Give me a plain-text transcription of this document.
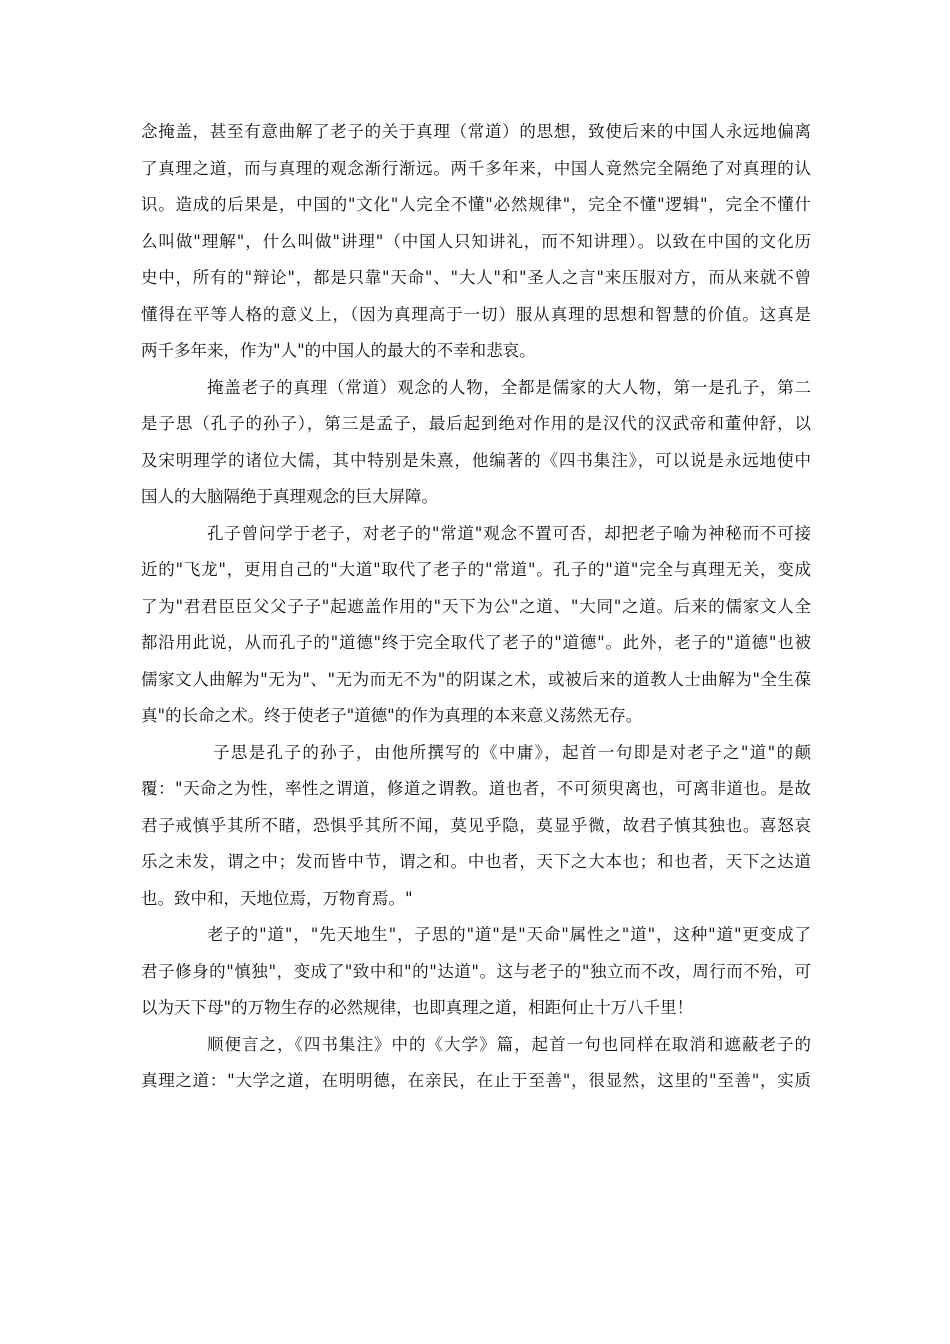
念掩盖，甚至有意曲解了老子的关于真理（常道）的思想，致使后来的中国人永远地偏离
了真理之道，而与真理的观念渐行渐远。两千多年来，中国人竟然完全隔绝了对真理的认
识。造成的后果是，中国的"文化"人完全不懂"必然规律"，完全不懂"逻辑"，完全不懂什
么叫做"理解"，什么叫做"讲理"（中国人只知讲礼，而不知讲理）。以致在中国的文化历
史中，所有的"辩论"，都是只靠"天命"、"大人"和"圣人之言"来压服对方，而从来就不曾
懂得在平等人格的意义上，（因为真理高于一切）服从真理的思想和智慧的价值。这真是
两千多年来，作为"人"的中国人的最大的不幸和悲哀。
掩盖老子的真理（常道）观念的人物，全都是儒家的大人物，第一是孔子，第二
是子思（孔子的孙子），第三是孟子，最后起到绝对作用的是汉代的汉武帝和董仲舒，以
及宋明理学的诸位大儒，其中特别是朱熹，他编著的《四书集注》，可以说是永远地使中
国人的大脑隔绝于真理观念的巨大屏障。
孔子曾问学于老子，对老子的"常道"观念不置可否，却把老子喻为神秘而不可接
近的"飞龙"，更用自己的"大道"取代了老子的"常道"。孔子的"道"完全与真理无关，变成
了为"君君臣臣父父子子"起遮盖作用的"天下为公"之道、"大同"之道。后来的儒家文人全
都沿用此说，从而孔子的"道德"终于完全取代了老子的"道德"。此外，老子的"道德"也被
儒家文人曲解为"无为"、"无为而无不为"的阴谋之术，或被后来的道教人士曲解为"全生葆
真"的长命之术。终于使老子"道德"的作为真理的本来意义荡然无存。
子思是孔子的孙子，由他所撰写的《中庸》，起首一句即是对老子之"道"的颠
覆："天命之为性，率性之谓道，修道之谓教。道也者，不可须臾离也，可离非道也。是故
君子戒慎乎其所不睹，恐惧乎其所不闻，莫见乎隐，莫显乎微，故君子慎其独也。喜怒哀
乐之未发，谓之中；发而皆中节，谓之和。中也者，天下之大本也；和也者，天下之达道
也。致中和，天地位焉，万物育焉。"
老子的"道"，"先天地生"，子思的"道"是"天命"属性之"道"，这种"道"更变成了
君子修身的"慎独"，变成了"致中和"的"达道"。这与老子的"独立而不改，周行而不殆，可
以为天下母"的万物生存的必然规律，也即真理之道，相距何止十万八千里！
顺便言之，《四书集注》中的《大学》篇，起首一句也同样在取消和遮蔽老子的
真理之道："大学之道，在明明德，在亲民，在止于至善"，很显然，这里的"至善"，实质
